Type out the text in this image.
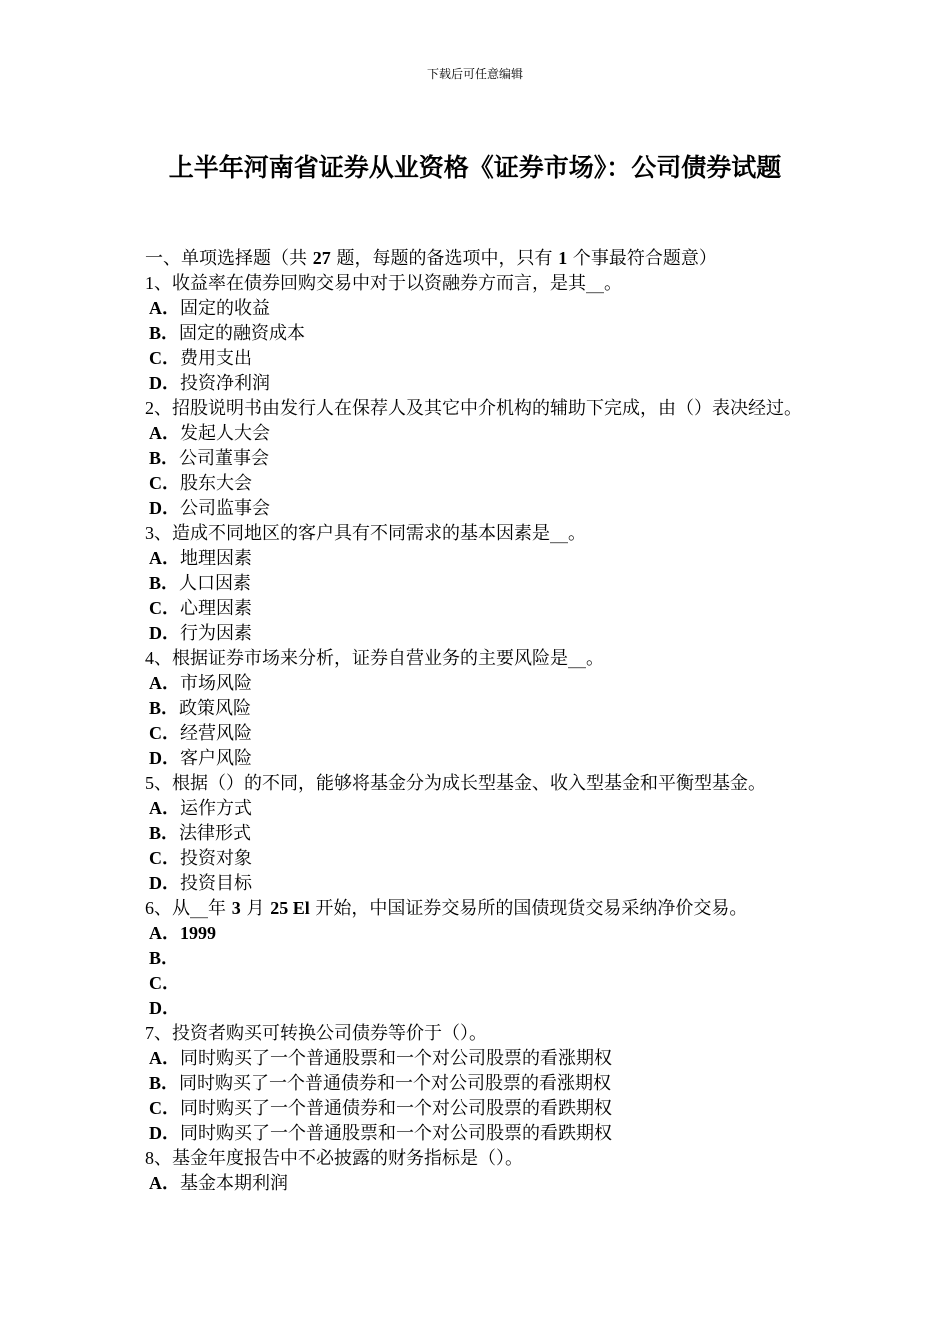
下载后可任意编辑
上半年河南省证券从业资格《证券市场》：公司债券试题

一、单项选择题（共 27 题，每题的备选项中，只有 1 个事最符合题意）

1、收益率在债券回购交易中对于以资融券方而言，是其__。

A．固定的收益

B．固定的融资成本

C．费用支出

D．投资净利润

2、招股说明书由发行人在保荐人及其它中介机构的辅助下完成，由（）表决经过。

A．发起人大会

B．公司董事会

C．股东大会

D．公司监事会

3、造成不同地区的客户具有不同需求的基本因素是__。

A．地理因素

B．人口因素

C．心理因素

D．行为因素

4、根据证券市场来分析，证券自营业务的主要风险是__。

A．市场风险

B．政策风险

C．经营风险

D．客户风险

5、根据（）的不同，能够将基金分为成长型基金、收入型基金和平衡型基金。

A．运作方式

B．法律形式

C．投资对象

D．投资目标

6、从__年 3 月 25 El 开始，中国证券交易所的国债现货交易采纳净价交易。

A．1999

B．

C．

D．

7、投资者购买可转换公司债券等价于（）。

A．同时购买了一个普通股票和一个对公司股票的看涨期权

B．同时购买了一个普通债券和一个对公司股票的看涨期权

C．同时购买了一个普通债券和一个对公司股票的看跌期权

D．同时购买了一个普通股票和一个对公司股票的看跌期权

8、基金年度报告中不必披露的财务指标是（）。

A．基金本期利润
